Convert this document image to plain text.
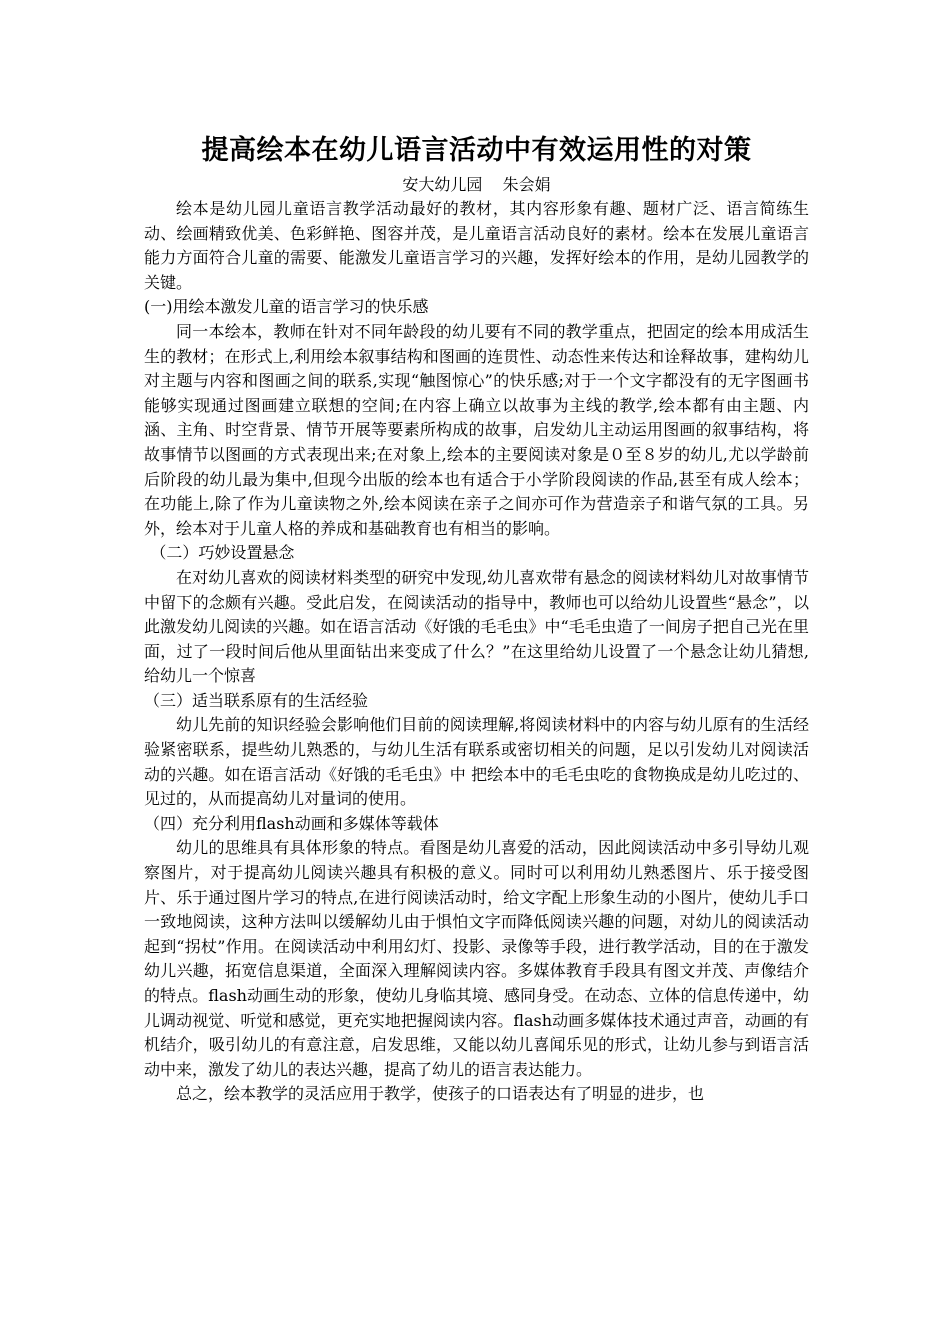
提高绘本在幼儿语言活动中有效运用性的对策

安大幼儿园    朱会娟

绘本是幼儿园儿童语言教学活动最好的教材，其内容形象有趣、题材广泛、语言简练生动、绘画精致优美、色彩鲜艳、图容并茂，是儿童语言活动良好的素材。绘本在发展儿童语言能力方面符合儿童的需要、能激发儿童语言学习的兴趣，发挥好绘本的作用，是幼儿园教学的关键。

(一)用绘本激发儿童的语言学习的快乐感

同一本绘本，教师在针对不同年龄段的幼儿要有不同的教学重点，把固定的绘本用成活生生的教材；在形式上,利用绘本叙事结构和图画的连贯性、动态性来传达和诠释故事，建构幼儿对主题与内容和图画之间的联系,实现“触图惊心”的快乐感;对于一个文字都没有的无字图画书能够实现通过图画建立联想的空间;在内容上确立以故事为主线的教学,绘本都有由主题、内涵、主角、时空背景、情节开展等要素所构成的故事，启发幼儿主动运用图画的叙事结构，将故事情节以图画的方式表现出来;在对象上,绘本的主要阅读对象是０至８岁的幼儿,尤以学龄前后阶段的幼儿最为集中,但现今出版的绘本也有适合于小学阶段阅读的作品,甚至有成人绘本；在功能上,除了作为儿童读物之外,绘本阅读在亲子之间亦可作为营造亲子和谐气氛的工具。另外，绘本对于儿童人格的养成和基础教育也有相当的影响。

（二）巧妙设置悬念

在对幼儿喜欢的阅读材料类型的研究中发现,幼儿喜欢带有悬念的阅读材料幼儿对故事情节中留下的念颇有兴趣。受此启发，在阅读活动的指导中，教师也可以给幼儿设置些“悬念”，以此激发幼儿阅读的兴趣。如在语言活动《好饿的毛毛虫》中“毛毛虫造了一间房子把自己光在里面，过了一段时间后他从里面钻出来变成了什么？”在这里给幼儿设置了一个悬念让幼儿猜想,给幼儿一个惊喜

（三）适当联系原有的生活经验

幼儿先前的知识经验会影响他们目前的阅读理解,将阅读材料中的内容与幼儿原有的生活经验紧密联系，提些幼儿熟悉的，与幼儿生活有联系或密切相关的问题，足以引发幼儿对阅读活动的兴趣。如在语言活动《好饿的毛毛虫》中 把绘本中的毛毛虫吃的食物换成是幼儿吃过的、见过的，从而提高幼儿对量词的使用。

（四）充分利用flash动画和多媒体等载体

幼儿的思维具有具体形象的特点。看图是幼儿喜爱的活动，因此阅读活动中多引导幼儿观察图片，对于提高幼儿阅读兴趣具有积极的意义。同时可以利用幼儿熟悉图片、乐于接受图片、乐于通过图片学习的特点,在进行阅读活动时，给文字配上形象生动的小图片，使幼儿手口一致地阅读，这种方法叫以缓解幼儿由于惧怕文字而降低阅读兴趣的问题，对幼儿的阅读活动起到“拐杖”作用。在阅读活动中利用幻灯、投影、录像等手段，进行教学活动，目的在于激发幼儿兴趣，拓宽信息渠道，全面深入理解阅读内容。多媒体教育手段具有图文并茂、声像结介的特点。flash动画生动的形象，使幼儿身临其境、感同身受。在动态、立体的信息传递中，幼儿调动视觉、听觉和感觉，更充实地把握阅读内容。flash动画多媒体技术通过声音，动画的有机结介，吸引幼儿的有意注意，启发思维，又能以幼儿喜闻乐见的形式，让幼儿参与到语言活动中来，激发了幼儿的表达兴趣，提高了幼儿的语言表达能力。

总之，绘本教学的灵活应用于教学，使孩子的口语表达有了明显的进步，也
